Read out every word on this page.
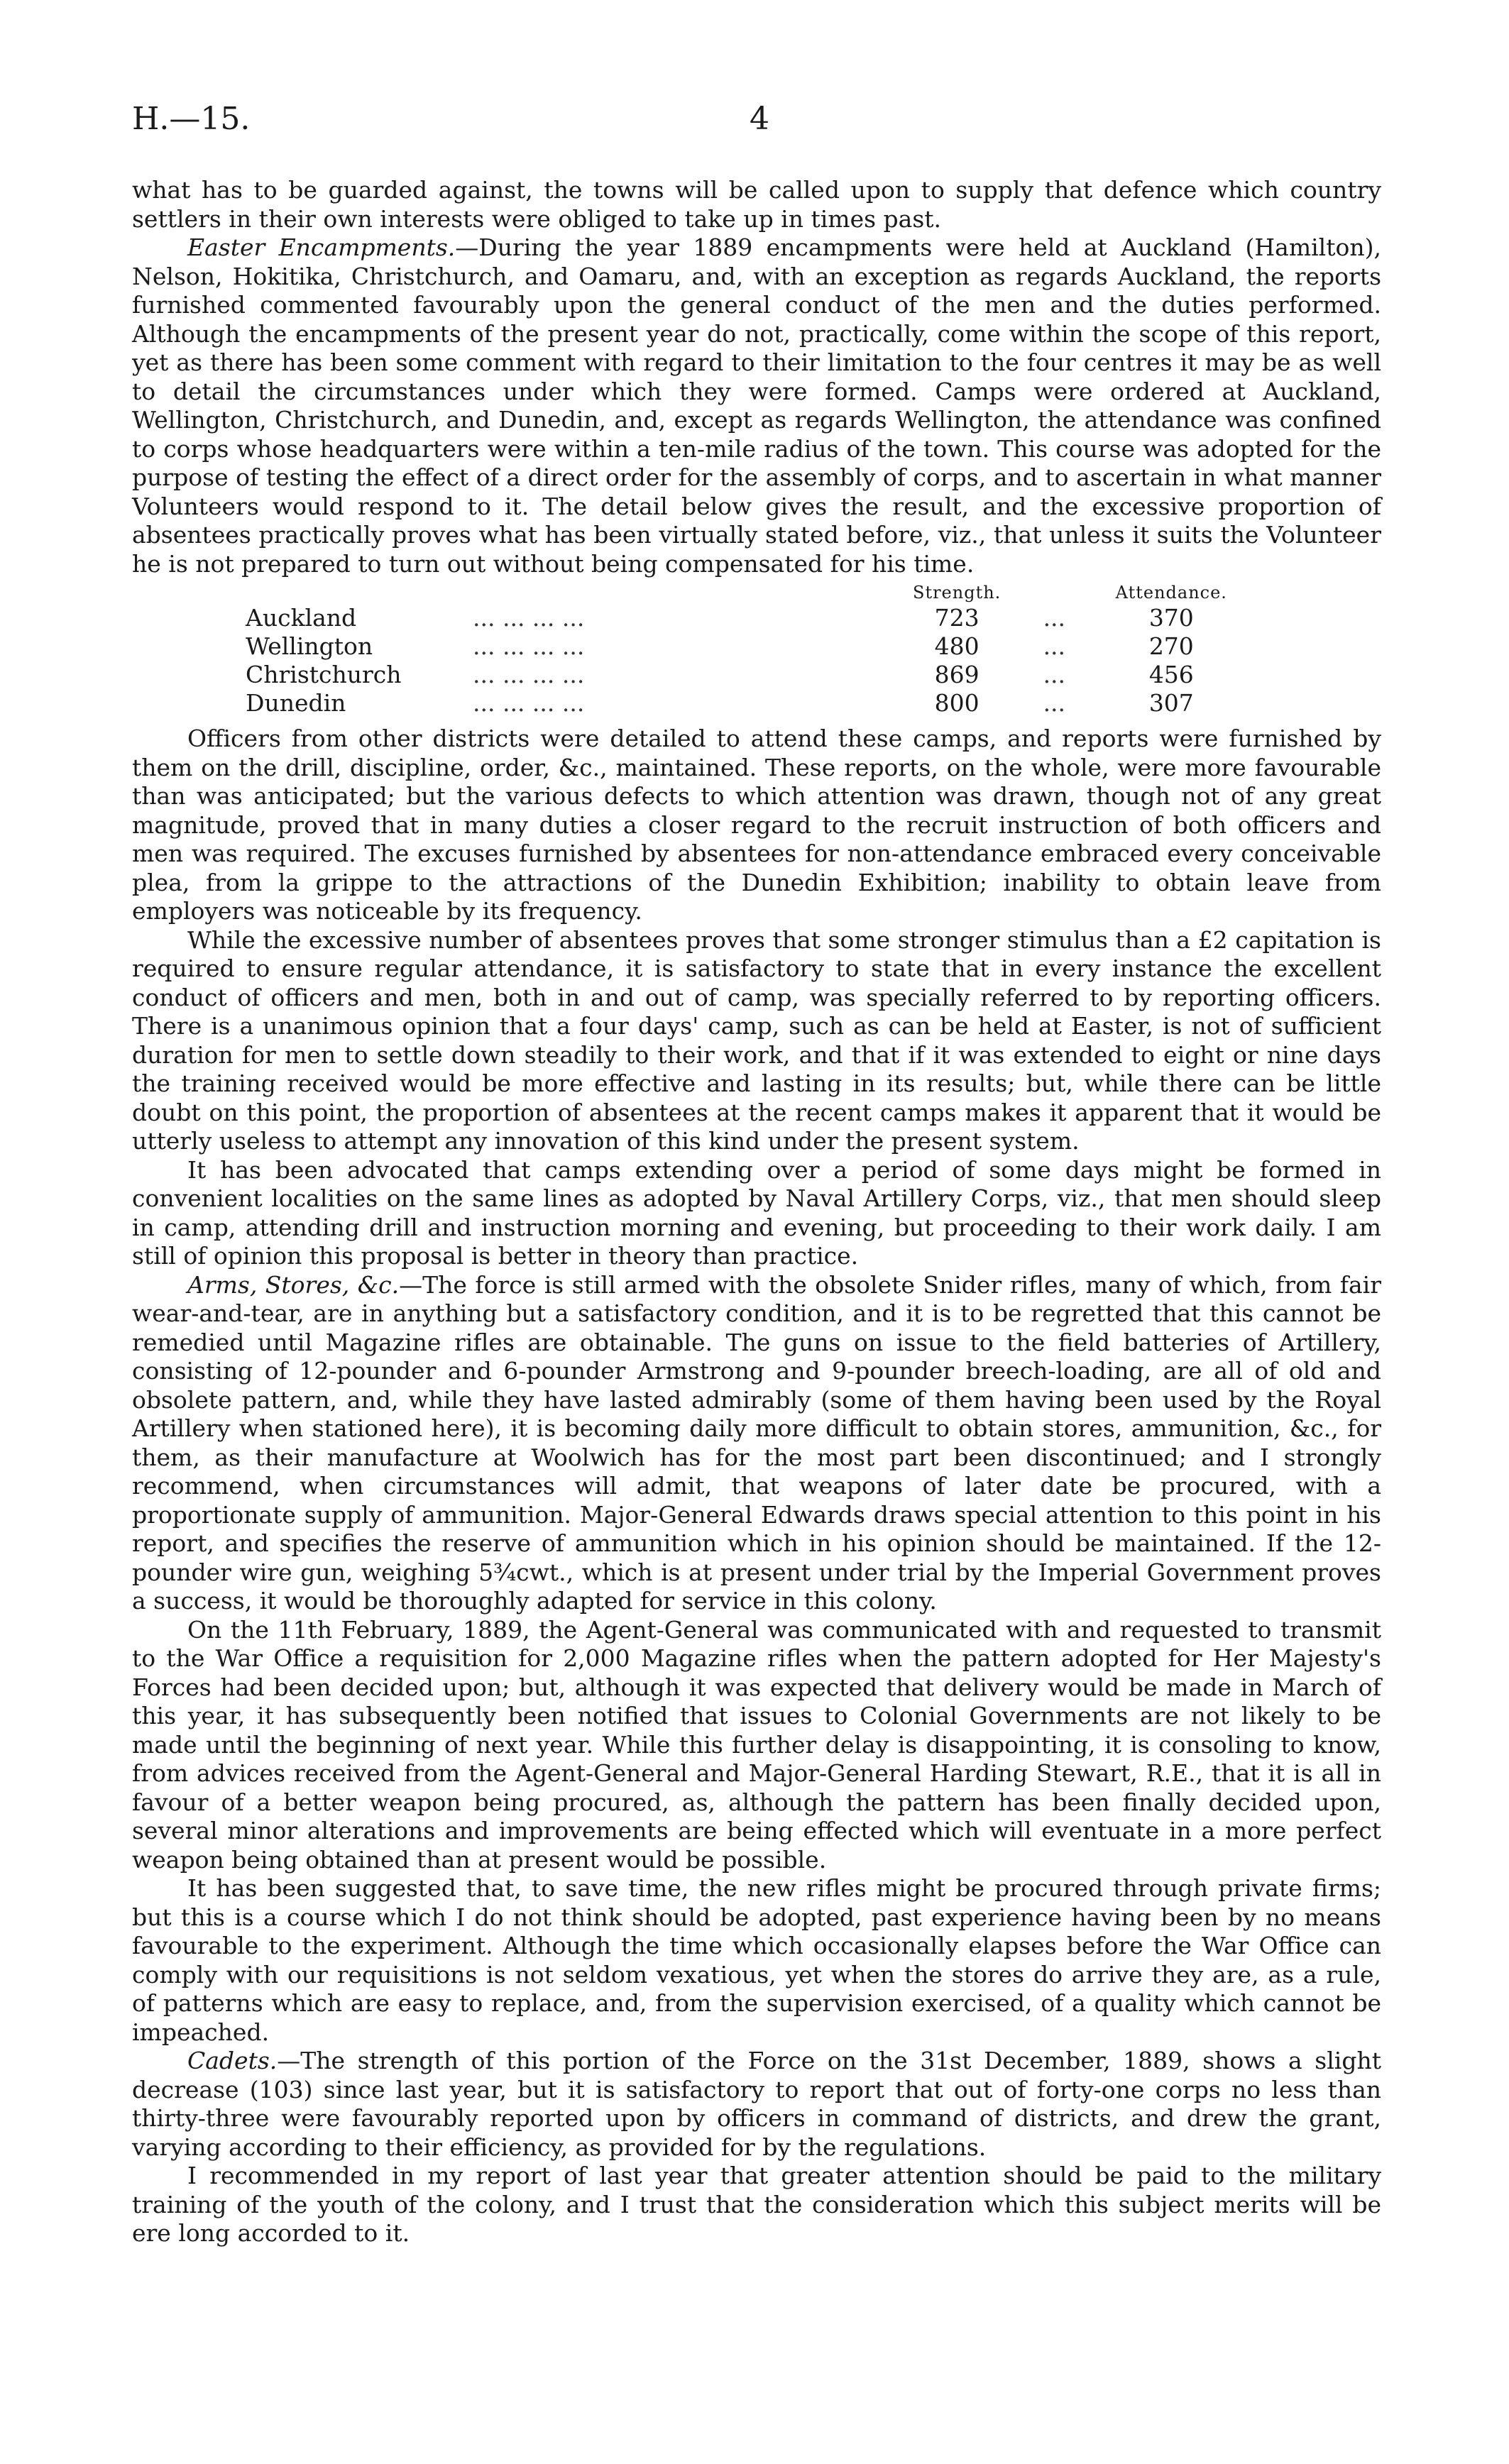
H.—15.	4

what has to be guarded against, the towns will be called upon to supply that defence which country settlers in their own interests were obliged to take up in times past.

Easter Encampments.—During the year 1889 encampments were held at Auckland (Hamilton), Nelson, Hokitika, Christchurch, and Oamaru, and, with an exception as regards Auckland, the reports furnished commented favourably upon the general conduct of the men and the duties performed. Although the encampments of the present year do not, practically, come within the scope of this report, yet as there has been some comment with regard to their limitation to the four centres it may be as well to detail the circumstances under which they were formed. Camps were ordered at Auckland, Wellington, Christchurch, and Dunedin, and, except as regards Wellington, the attendance was confined to corps whose headquarters were within a ten-mile radius of the town. This course was adopted for the purpose of testing the effect of a direct order for the assembly of corps, and to ascertain in what manner Volunteers would respond to it. The detail below gives the result, and the excessive proportion of absentees practically proves what has been virtually stated before, viz., that unless it suits the Volunteer he is not prepared to turn out without being compensated for his time.

		Strength.		Attendance.
Auckland	... ... ... ...	723	...	370
Wellington	... ... ... ...	480	...	270
Christchurch	... ... ... ...	869	...	456
Dunedin	... ... ... ...	800	...	307

Officers from other districts were detailed to attend these camps, and reports were furnished by them on the drill, discipline, order, &c., maintained. These reports, on the whole, were more favourable than was anticipated; but the various defects to which attention was drawn, though not of any great magnitude, proved that in many duties a closer regard to the recruit instruction of both officers and men was required. The excuses furnished by absentees for non-attendance embraced every conceivable plea, from la grippe to the attractions of the Dunedin Exhibition; inability to obtain leave from employers was noticeable by its frequency.

While the excessive number of absentees proves that some stronger stimulus than a £2 capitation is required to ensure regular attendance, it is satisfactory to state that in every instance the excellent conduct of officers and men, both in and out of camp, was specially referred to by reporting officers. There is a unanimous opinion that a four days' camp, such as can be held at Easter, is not of sufficient duration for men to settle down steadily to their work, and that if it was extended to eight or nine days the training received would be more effective and lasting in its results; but, while there can be little doubt on this point, the proportion of absentees at the recent camps makes it apparent that it would be utterly useless to attempt any innovation of this kind under the present system.

It has been advocated that camps extending over a period of some days might be formed in convenient localities on the same lines as adopted by Naval Artillery Corps, viz., that men should sleep in camp, attending drill and instruction morning and evening, but proceeding to their work daily. I am still of opinion this proposal is better in theory than practice.

Arms, Stores, &c.—The force is still armed with the obsolete Snider rifles, many of which, from fair wear-and-tear, are in anything but a satisfactory condition, and it is to be regretted that this cannot be remedied until Magazine rifles are obtainable. The guns on issue to the field batteries of Artillery, consisting of 12-pounder and 6-pounder Armstrong and 9-pounder breech-loading, are all of old and obsolete pattern, and, while they have lasted admirably (some of them having been used by the Royal Artillery when stationed here), it is becoming daily more difficult to obtain stores, ammunition, &c., for them, as their manufacture at Woolwich has for the most part been discontinued; and I strongly recommend, when circumstances will admit, that weapons of later date be procured, with a proportionate supply of ammunition. Major-General Edwards draws special attention to this point in his report, and specifies the reserve of ammunition which in his opinion should be maintained. If the 12-pounder wire gun, weighing 5¾cwt., which is at present under trial by the Imperial Government proves a success, it would be thoroughly adapted for service in this colony.

On the 11th February, 1889, the Agent-General was communicated with and requested to transmit to the War Office a requisition for 2,000 Magazine rifles when the pattern adopted for Her Majesty's Forces had been decided upon; but, although it was expected that delivery would be made in March of this year, it has subsequently been notified that issues to Colonial Governments are not likely to be made until the beginning of next year. While this further delay is disappointing, it is consoling to know, from advices received from the Agent-General and Major-General Harding Stewart, R.E., that it is all in favour of a better weapon being procured, as, although the pattern has been finally decided upon, several minor alterations and improvements are being effected which will eventuate in a more perfect weapon being obtained than at present would be possible.

It has been suggested that, to save time, the new rifles might be procured through private firms; but this is a course which I do not think should be adopted, past experience having been by no means favourable to the experiment. Although the time which occasionally elapses before the War Office can comply with our requisitions is not seldom vexatious, yet when the stores do arrive they are, as a rule, of patterns which are easy to replace, and, from the supervision exercised, of a quality which cannot be impeached.

Cadets.—The strength of this portion of the Force on the 31st December, 1889, shows a slight decrease (103) since last year, but it is satisfactory to report that out of forty-one corps no less than thirty-three were favourably reported upon by officers in command of districts, and drew the grant, varying according to their efficiency, as provided for by the regulations.

I recommended in my report of last year that greater attention should be paid to the military training of the youth of the colony, and I trust that the consideration which this subject merits will be ere long accorded to it.
